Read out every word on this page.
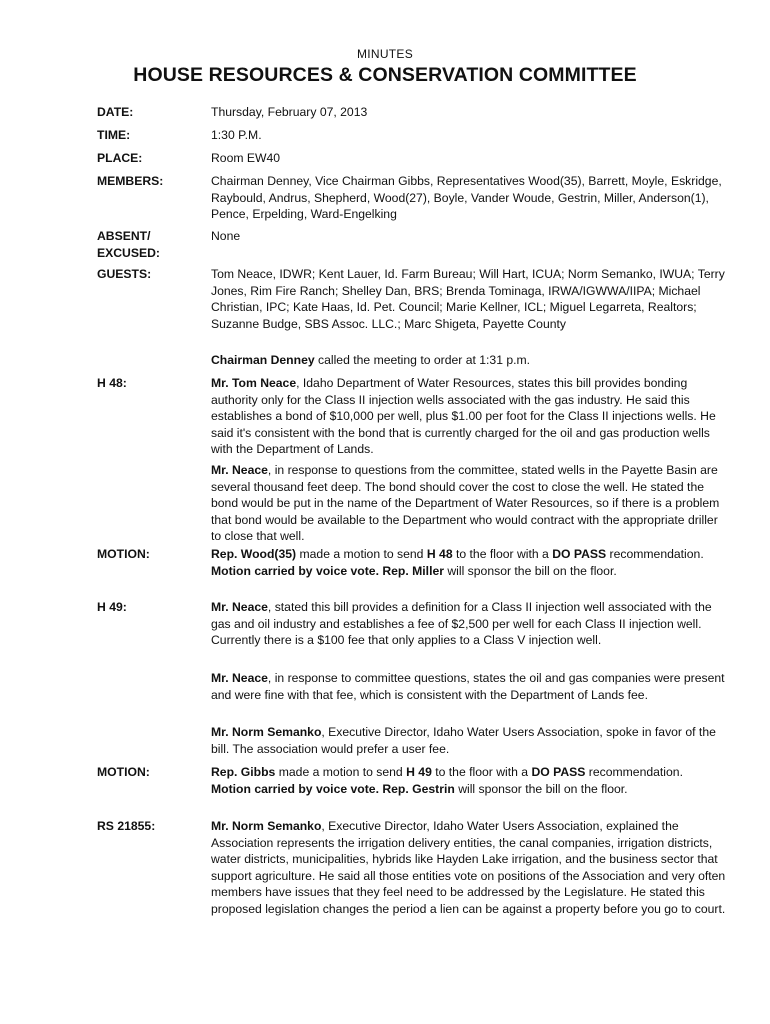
MINUTES
HOUSE RESOURCES & CONSERVATION COMMITTEE
DATE:	Thursday, February 07, 2013
TIME:	1:30 P.M.
PLACE:	Room EW40
MEMBERS:	Chairman Denney, Vice Chairman Gibbs, Representatives Wood(35), Barrett, Moyle, Eskridge, Raybould, Andrus, Shepherd, Wood(27), Boyle, Vander Woude, Gestrin, Miller, Anderson(1), Pence, Erpelding, Ward-Engelking
ABSENT/
EXCUSED:
None
GUESTS:	Tom Neace, IDWR; Kent Lauer, Id. Farm Bureau; Will Hart, ICUA; Norm Semanko, IWUA; Terry Jones, Rim Fire Ranch; Shelley Dan, BRS; Brenda Tominaga, IRWA/IGWWA/IIPA; Michael Christian, IPC; Kate Haas, Id. Pet. Council; Marie Kellner, ICL; Miguel Legarreta, Realtors; Suzanne Budge, SBS Assoc. LLC.; Marc Shigeta, Payette County
Chairman Denney called the meeting to order at 1:31 p.m.
H 48:	Mr. Tom Neace, Idaho Department of Water Resources, states this bill provides bonding authority only for the Class II injection wells associated with the gas industry. He said this establishes a bond of $10,000 per well, plus $1.00 per foot for the Class II injections wells. He said it's consistent with the bond that is currently charged for the oil and gas production wells with the Department of Lands.
Mr. Neace, in response to questions from the committee, stated wells in the Payette Basin are several thousand feet deep. The bond should cover the cost to close the well. He stated the bond would be put in the name of the Department of Water Resources, so if there is a problem that bond would be available to the Department who would contract with the appropriate driller to close that well.
MOTION:	Rep. Wood(35) made a motion to send H 48 to the floor with a DO PASS recommendation. Motion carried by voice vote. Rep. Miller will sponsor the bill on the floor.
H 49:	Mr. Neace, stated this bill provides a definition for a Class II injection well associated with the gas and oil industry and establishes a fee of $2,500 per well for each Class II injection well. Currently there is a $100 fee that only applies to a Class V injection well.
Mr. Neace, in response to committee questions, states the oil and gas companies were present and were fine with that fee, which is consistent with the Department of Lands fee.
Mr. Norm Semanko, Executive Director, Idaho Water Users Association, spoke in favor of the bill. The association would prefer a user fee.
MOTION:	Rep. Gibbs made a motion to send H 49 to the floor with a DO PASS recommendation. Motion carried by voice vote. Rep. Gestrin will sponsor the bill on the floor.
RS 21855:	Mr. Norm Semanko, Executive Director, Idaho Water Users Association, explained the Association represents the irrigation delivery entities, the canal companies, irrigation districts, water districts, municipalities, hybrids like Hayden Lake irrigation, and the business sector that support agriculture. He said all those entities vote on positions of the Association and very often members have issues that they feel need to be addressed by the Legislature. He stated this proposed legislation changes the period a lien can be against a property before you go to court.
